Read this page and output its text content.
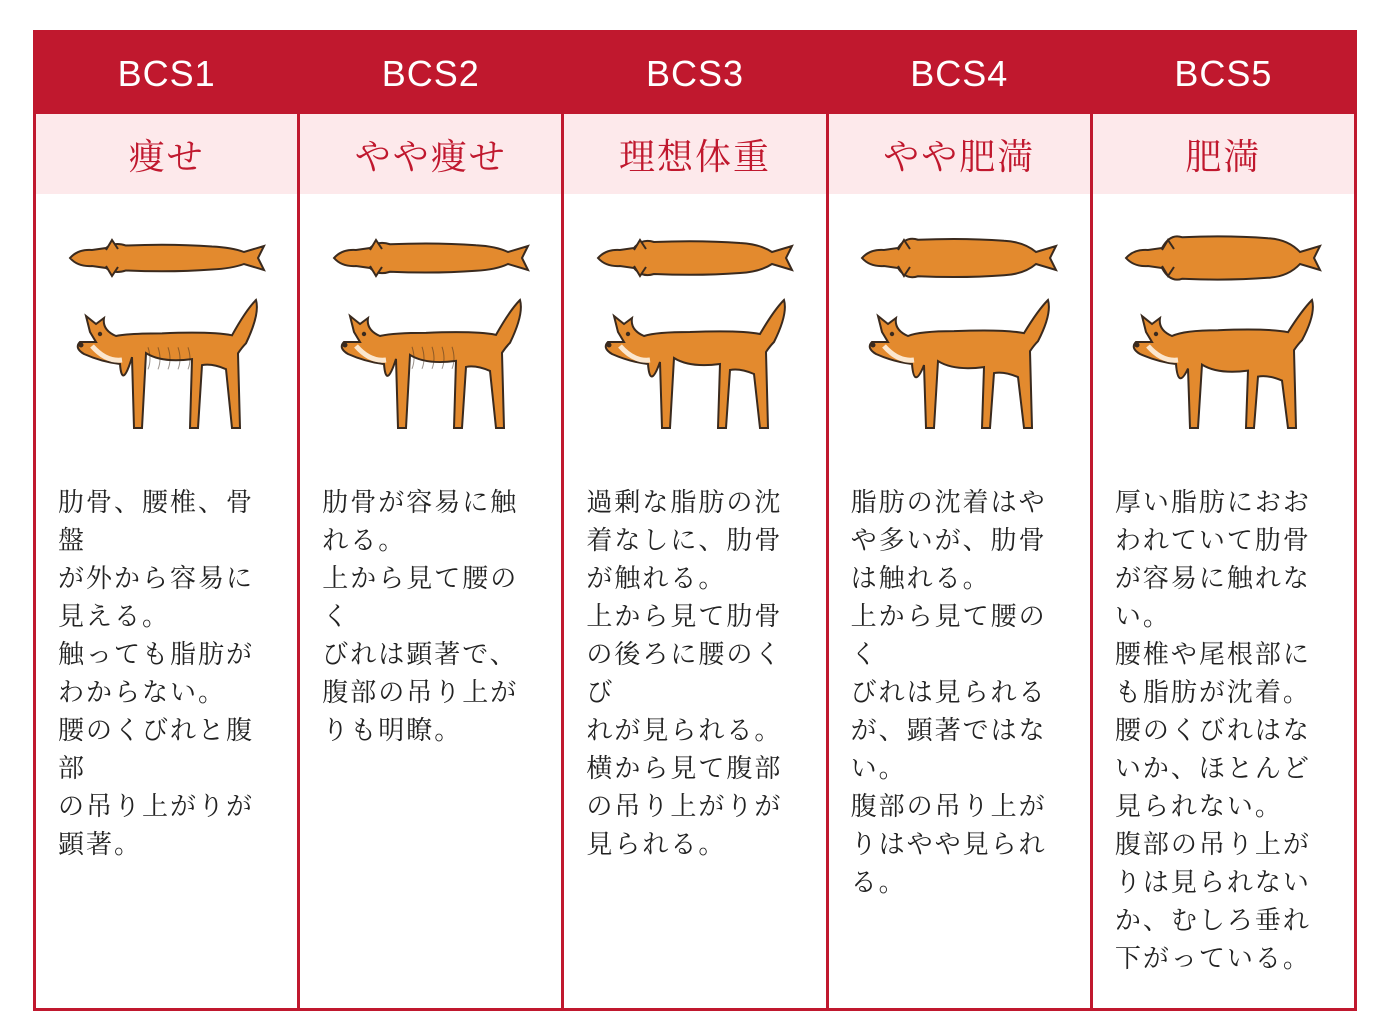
BCS1
痩せ
肋骨、腰椎、骨盤
が外から容易に
見える。
触っても脂肪が
わからない。
腰のくびれと腹部
の吊り上がりが
顕著。
BCS2
やや痩せ
肋骨が容易に触
れる。
上から見て腰のく
びれは顕著で、
腹部の吊り上が
りも明瞭。
BCS3
理想体重
過剰な脂肪の沈
着なしに、肋骨
が触れる。
上から見て肋骨
の後ろに腰のくび
れが見られる。
横から見て腹部
の吊り上がりが
見られる。
BCS4
やや肥満
脂肪の沈着はや
や多いが、肋骨
は触れる。
上から見て腰のく
びれは見られる
が、顕著ではな
い。
腹部の吊り上が
りはやや見られ
る。
BCS5
肥満
厚い脂肪におお
われていて肋骨
が容易に触れな
い。
腰椎や尾根部に
も脂肪が沈着。
腰のくびれはな
いか、ほとんど
見られない。
腹部の吊り上が
りは見られない
か、むしろ垂れ
下がっている。
